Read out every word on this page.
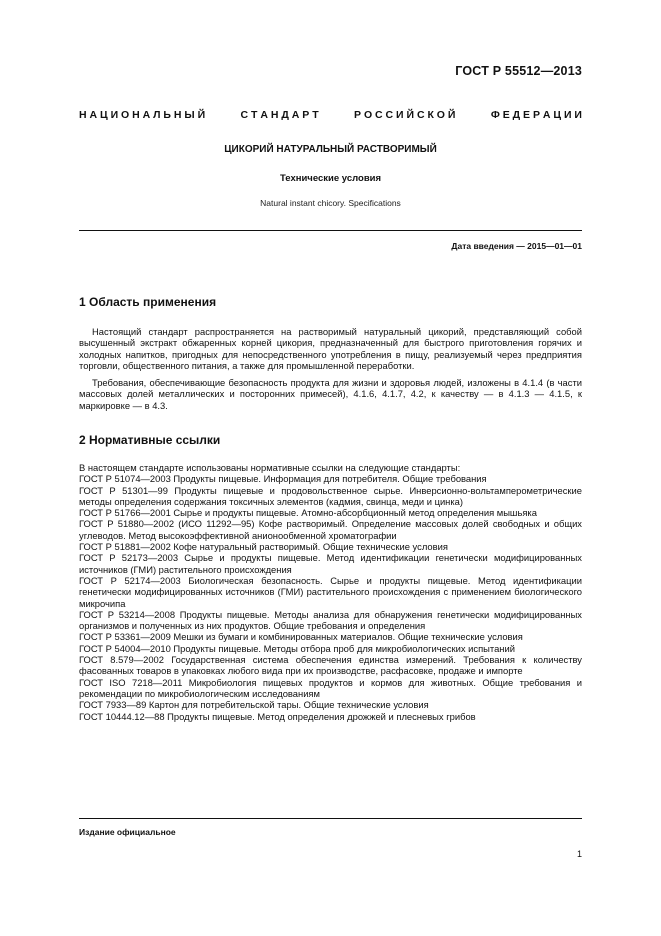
ГОСТ Р 55512—2013
Н А Ц И О Н А Л Ь Н Ы Й	С Т А Н Д А Р Т	Р О С С И Й С К О Й	Ф Е Д Е Р А Ц И И
ЦИКОРИЙ НАТУРАЛЬНЫЙ РАСТВОРИМЫЙ
Технические условия
Natural instant chicory. Specifications
Дата введения — 2015—01—01
1 Область применения
Настоящий стандарт распространяется на растворимый натуральный цикорий, представляющий собой высушенный экстракт обжаренных корней цикория, предназначенный для быстрого приготовления горячих и холодных напитков, пригодных для непосредственного употребления в пищу, реализуемый через предприятия торговли, общественного питания, а также для промышленной переработки.
Требования, обеспечивающие безопасность продукта для жизни и здоровья людей, изложены в 4.1.4 (в части массовых долей металлических и посторонних примесей), 4.1.6, 4.1.7, 4.2, к качеству — в 4.1.3 — 4.1.5, к маркировке — в 4.3.
2 Нормативные ссылки

В настоящем стандарте использованы нормативные ссылки на следующие стандарты:

ГОСТ Р 51074—2003 Продукты пищевые. Информация для потребителя. Общие требования

ГОСТ Р 51301—99 Продукты пищевые и продовольственное сырье. Инверсионно-вольтамперометрические методы определения содержания токсичных элементов (кадмия, свинца, меди и цинка)

ГОСТ Р 51766—2001 Сырье и продукты пищевые. Атомно-абсорбционный метод определения мышьяка

ГОСТ Р 51880—2002 (ИСО 11292—95) Кофе растворимый. Определение массовых долей свободных и общих углеводов. Метод высокоэффективной анионообменной хроматографии

ГОСТ Р 51881—2002 Кофе натуральный растворимый. Общие технические условия

ГОСТ Р 52173—2003 Сырье и продукты пищевые. Метод идентификации генетически модифицированных источников (ГМИ) растительного происхождения

ГОСТ Р 52174—2003 Биологическая безопасность. Сырье и продукты пищевые. Метод идентификации генетически модифицированных источников (ГМИ) растительного происхождения с применением биологического микрочипа

ГОСТ Р 53214—2008 Продукты пищевые. Методы анализа для обнаружения генетически модифицированных организмов и полученных из них продуктов. Общие требования и определения

ГОСТ Р 53361—2009 Мешки из бумаги и комбинированных материалов. Общие технические условия

ГОСТ Р 54004—2010 Продукты пищевые. Методы отбора проб для микробиологических испытаний

ГОСТ 8.579—2002 Государственная система обеспечения единства измерений. Требования к количеству фасованных товаров в упаковках любого вида при их производстве, расфасовке, продаже и импорте

ГОСТ ISO 7218—2011 Микробиология пищевых продуктов и кормов для животных. Общие требования и рекомендации по микробиологическим исследованиям

ГОСТ 7933—89 Картон для потребительской тары. Общие технические условия

ГОСТ 10444.12—88 Продукты пищевые. Метод определения дрожжей и плесневых грибов

Издание официальное
1
